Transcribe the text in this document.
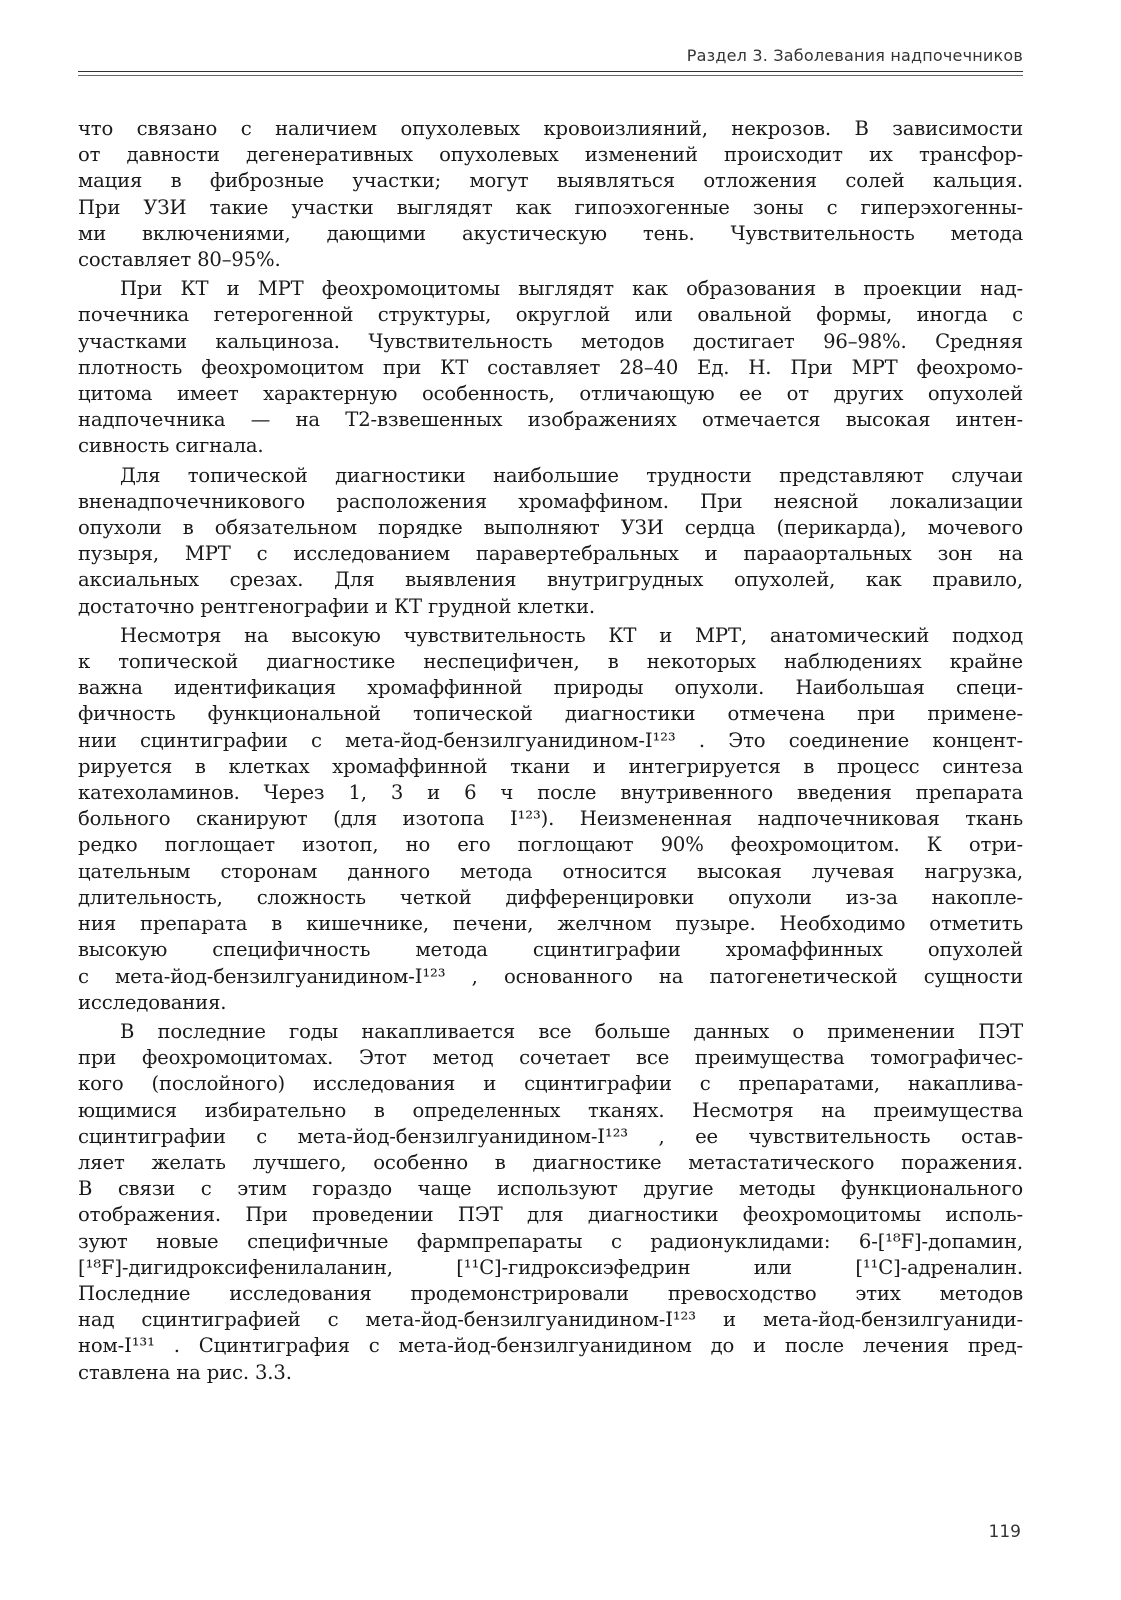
Раздел 3. Заболевания надпочечников

что связано с наличием опухолевых кровоизлияний, некрозов. В зависимости
от давности дегенеративных опухолевых изменений происходит их трансфор-
мация в фиброзные участки; могут выявляться отложения солей кальция.
При УЗИ такие участки выглядят как гипоэхогенные зоны с гиперэхогенны-
ми включениями, дающими акустическую тень. Чувствительность метода
составляет 80–95%.

При КТ и МРТ феохромоцитомы выглядят как образования в проекции над-
почечника гетерогенной структуры, округлой или овальной формы, иногда с
участками кальциноза. Чувствительность методов достигает 96–98%. Средняя
плотность феохромоцитом при КТ составляет 28–40 Ед. Н. При МРТ феохромо-
цитома имеет характерную особенность, отличающую ее от других опухолей
надпочечника — на Т2-взвешенных изображениях отмечается высокая интен-
сивность сигнала.

Для топической диагностики наибольшие трудности представляют случаи
вненадпочечникового расположения хромаффином. При неясной локализации
опухоли в обязательном порядке выполняют УЗИ сердца (перикарда), мочевого
пузыря, МРТ с исследованием паравертебральных и парааортальных зон на
аксиальных срезах. Для выявления внутригрудных опухолей, как правило,
достаточно рентгенографии и КТ грудной клетки.

Несмотря на высокую чувствительность КТ и МРТ, анатомический подход
к топической диагностике неспецифичен, в некоторых наблюдениях крайне
важна идентификация хромаффинной природы опухоли. Наибольшая специ-
фичность функциональной топической диагностики отмечена при примене-
нии сцинтиграфии с мета-йод-бензилгуанидином-I¹²³ . Это соединение концент-
рируется в клетках хромаффинной ткани и интегрируется в процесс синтеза
катехоламинов. Через 1, 3 и 6 ч после внутривенного введения препарата
больного сканируют (для изотопа I¹²³). Неизмененная надпочечниковая ткань
редко поглощает изотоп, но его поглощают 90% феохромоцитом. К отри-
цательным сторонам данного метода относится высокая лучевая нагрузка,
длительность, сложность четкой дифференцировки опухоли из-за накопле-
ния препарата в кишечнике, печени, желчном пузыре. Необходимо отметить
высокую специфичность метода сцинтиграфии хромаффинных опухолей
с мета-йод-бензилгуанидином-I¹²³ , основанного на патогенетической сущности
исследования.

В последние годы накапливается все больше данных о применении ПЭТ
при феохромоцитомах. Этот метод сочетает все преимущества томографичес-
кого (послойного) исследования и сцинтиграфии с препаратами, накаплива-
ющимися избирательно в определенных тканях. Несмотря на преимущества
сцинтиграфии с мета-йод-бензилгуанидином-I¹²³ , ее чувствительность остав-
ляет желать лучшего, особенно в диагностике метастатического поражения.
В связи с этим гораздо чаще используют другие методы функционального
отображения. При проведении ПЭТ для диагностики феохромоцитомы исполь-
зуют новые специфичные фармпрепараты с радионуклидами: 6-[¹⁸F]-допамин,
[¹⁸F]-дигидроксифенилаланин, [¹¹C]-гидроксиэфедрин или [¹¹C]-адреналин.
Последние исследования продемонстрировали превосходство этих методов
над сцинтиграфией с мета-йод-бензилгуанидином-I¹²³ и мета-йод-бензилгуаниди-
ном-I¹³¹ . Сцинтиграфия с мета-йод-бензилгуанидином до и после лечения пред-
ставлена на рис. 3.3.

119
